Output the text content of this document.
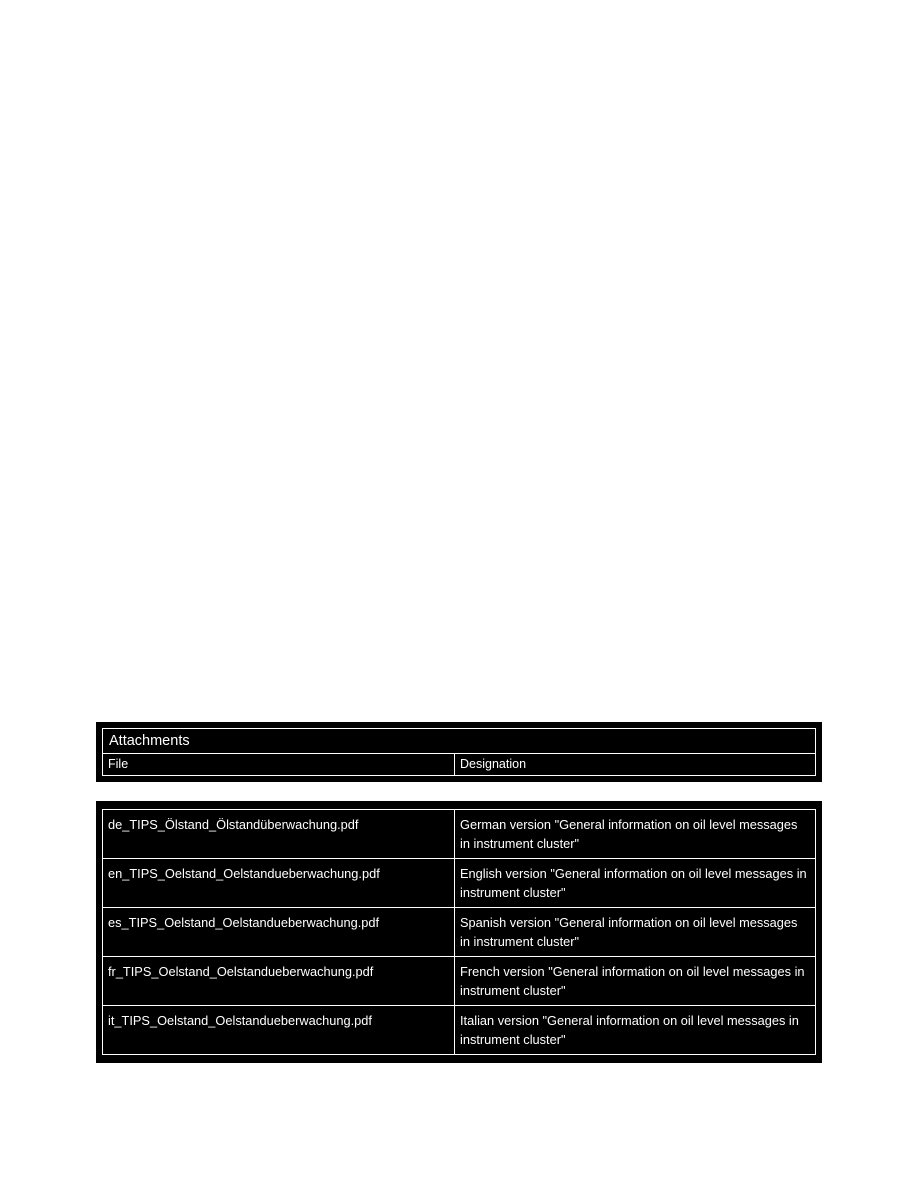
Attachments
File	Designation
de_TIPS_Ölstand_Ölstandüberwachung.pdf	German version "General information on oil level messages in instrument cluster"
en_TIPS_Oelstand_Oelstandueberwachung.pdf	English version "General information on oil level messages in instrument cluster"
es_TIPS_Oelstand_Oelstandueberwachung.pdf	Spanish version "General information on oil level messages in instrument cluster"
fr_TIPS_Oelstand_Oelstandueberwachung.pdf	French version "General information on oil level messages in instrument cluster"
it_TIPS_Oelstand_Oelstandueberwachung.pdf	Italian version "General information on oil level messages in instrument cluster"
